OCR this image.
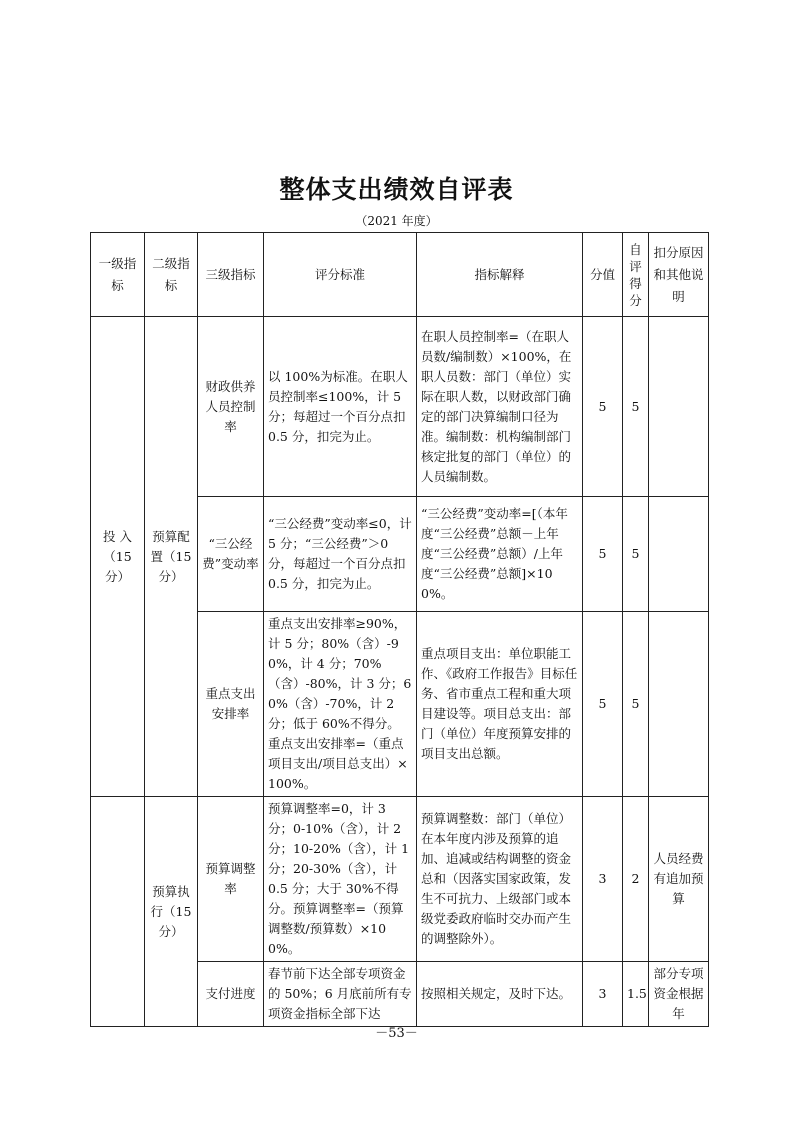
整体支出绩效自评表
（2021 年度）
一级指标	二级指标	三级指标	评分标准	指标解释	分值	自评得分	扣分原因和其他说明
投 入（15 分）	预算配置（15 分）	财政供养人员控制率	以 100%为标准。在职人员控制率≤100%，计 5 分；每超过一个百分点扣 0.5 分，扣完为止。	在职人员控制率=（在职人员数/编制数）×100%，在职人员数：部门（单位）实际在职人数，以财政部门确定的部门决算编制口径为准。编制数：机构编制部门核定批复的部门（单位）的人员编制数。	5	5	
		“三公经费”变动率	“三公经费”变动率≤0，计 5 分；“三公经费”＞0 分，每超过一个百分点扣 0.5 分，扣完为止。	“三公经费”变动率=[（本年度“三公经费”总额－上年度“三公经费”总额）/上年度“三公经费”总额]×100%。	5	5	
		重点支出安排率	重点支出安排率≥90%，计 5 分；80%（含）-90%，计 4 分；70%（含）-80%，计 3 分；60%（含）-70%，计 2 分；低于 60%不得分。重点支出安排率=（重点项目支出/项目总支出）×100%。	重点项目支出：单位职能工作、《政府工作报告》目标任务、省市重点工程和重大项目建设等。项目总支出：部门（单位）年度预算安排的项目支出总额。	5	5	
	预算执行（15 分）	预算调整率	预算调整率=0，计 3 分；0-10%（含），计 2 分；10-20%（含），计 1 分；20-30%（含），计 0.5 分；大于 30%不得分。预算调整率=（预算调整数/预算数）×100%。	预算调整数：部门（单位）在本年度内涉及预算的追加、追减或结构调整的资金总和（因落实国家政策，发生不可抗力、上级部门或本级党委政府临时交办而产生的调整除外）。	3	2	人员经费有追加预算
		支付进度	春节前下达全部专项资金的 50%；6 月底前所有专项资金指标全部下达	按照相关规定，及时下达。	3	1.5	部分专项资金根据年
－53－
